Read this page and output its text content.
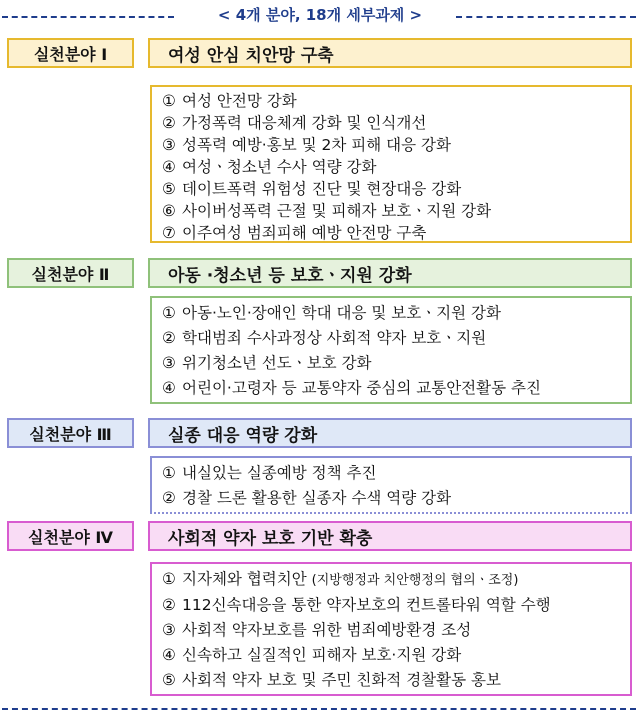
< 4개 분야, 18개 세부과제 >
실천분야 Ⅰ	여성 안심 치안망 구축
① 여성 안전망 강화
② 가정폭력 대응체계 강화 및 인식개선
③ 성폭력 예방·홍보 및 2차 피해 대응 강화
④ 여성ㆍ청소년 수사 역량 강화
⑤ 데이트폭력 위험성 진단 및 현장대응 강화
⑥ 사이버성폭력 근절 및 피해자 보호ㆍ지원 강화
⑦ 이주여성 범죄피해 예방 안전망 구축
실천분야 Ⅱ	아동 ·청소년 등 보호ㆍ지원 강화
① 아동·노인·장애인 학대 대응 및 보호ㆍ지원 강화
② 학대범죄 수사과정상 사회적 약자 보호ㆍ지원
③ 위기청소년 선도ㆍ보호 강화
④ 어린이·고령자 등 교통약자 중심의 교통안전활동 추진
실천분야 Ⅲ	실종 대응 역량 강화
① 내실있는 실종예방 정책 추진
② 경찰 드론 활용한 실종자 수색 역량 강화
실천분야 Ⅳ	사회적 약자 보호 기반 확충
① 지자체와 협력치안 (지방행정과 치안행정의 협의ㆍ조정)
② 112신속대응을 통한 약자보호의 컨트롤타워 역할 수행
③ 사회적 약자보호를 위한 범죄예방환경 조성
④ 신속하고 실질적인 피해자 보호·지원 강화
⑤ 사회적 약자 보호 및 주민 친화적 경찰활동 홍보
